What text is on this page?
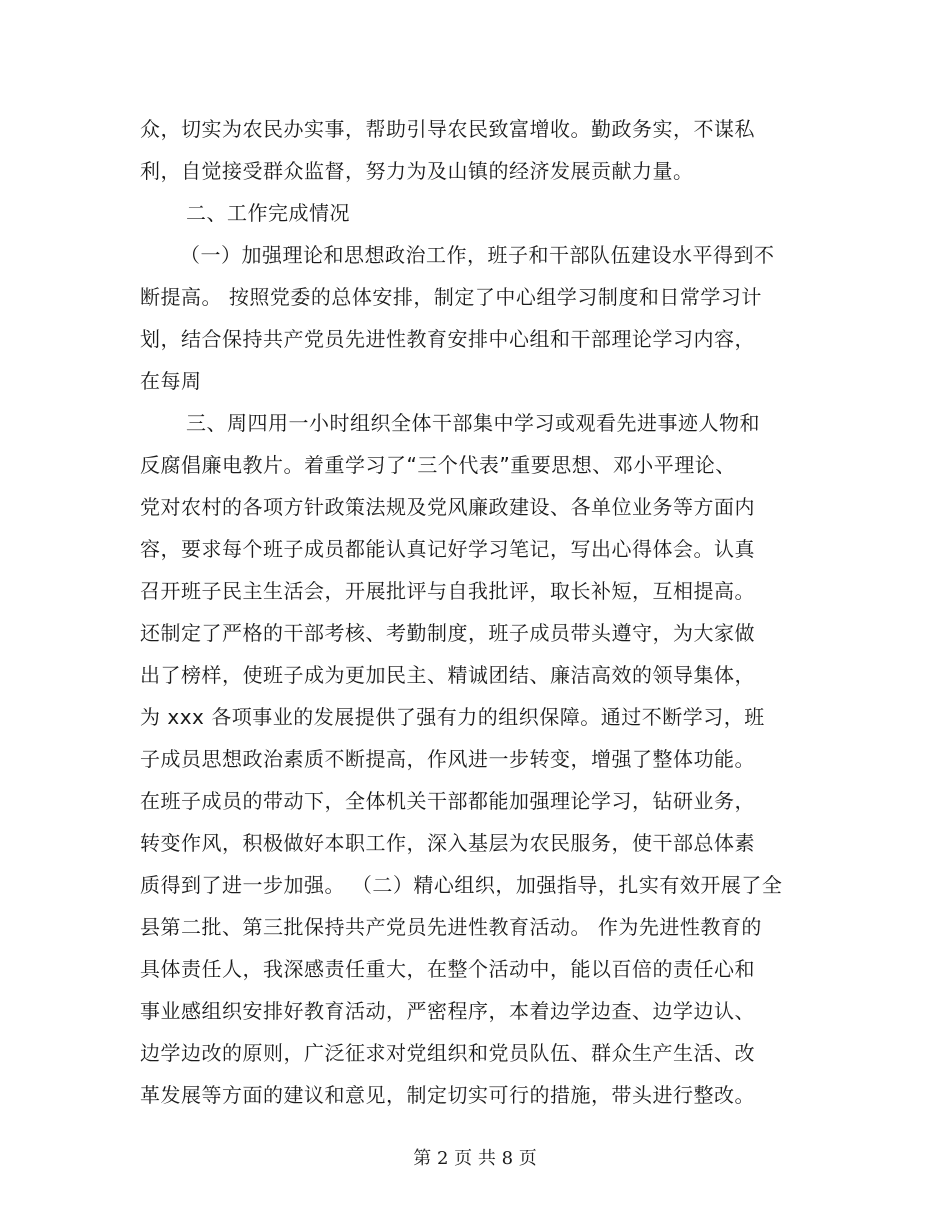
众，切实为农民办实事，帮助引导农民致富增收。勤政务实，不谋私
利，自觉接受群众监督，努力为及山镇的经济发展贡献力量。
二、工作完成情况
（一）加强理论和思想政治工作，班子和干部队伍建设水平得到不
断提高。 按照党委的总体安排，制定了中心组学习制度和日常学习计
划，结合保持共产党员先进性教育安排中心组和干部理论学习内容，
在每周
三、周四用一小时组织全体干部集中学习或观看先进事迹人物和
反腐倡廉电教片。着重学习了“三个代表”重要思想、邓小平理论、
党对农村的各项方针政策法规及党风廉政建设、各单位业务等方面内
容，要求每个班子成员都能认真记好学习笔记，写出心得体会。认真
召开班子民主生活会，开展批评与自我批评，取长补短，互相提高。
还制定了严格的干部考核、考勤制度，班子成员带头遵守，为大家做
出了榜样，使班子成为更加民主、精诚团结、廉洁高效的领导集体，
为 xxx 各项事业的发展提供了强有力的组织保障。通过不断学习，班
子成员思想政治素质不断提高，作风进一步转变，增强了整体功能。
在班子成员的带动下，全体机关干部都能加强理论学习，钻研业务，
转变作风，积极做好本职工作，深入基层为农民服务，使干部总体素
质得到了进一步加强。 （二）精心组织，加强指导，扎实有效开展了全
县第二批、第三批保持共产党员先进性教育活动。 作为先进性教育的
具体责任人，我深感责任重大，在整个活动中，能以百倍的责任心和
事业感组织安排好教育活动，严密程序，本着边学边查、边学边认、
边学边改的原则，广泛征求对党组织和党员队伍、群众生产生活、改
革发展等方面的建议和意见，制定切实可行的措施，带头进行整改。
第 2 页 共 8 页
